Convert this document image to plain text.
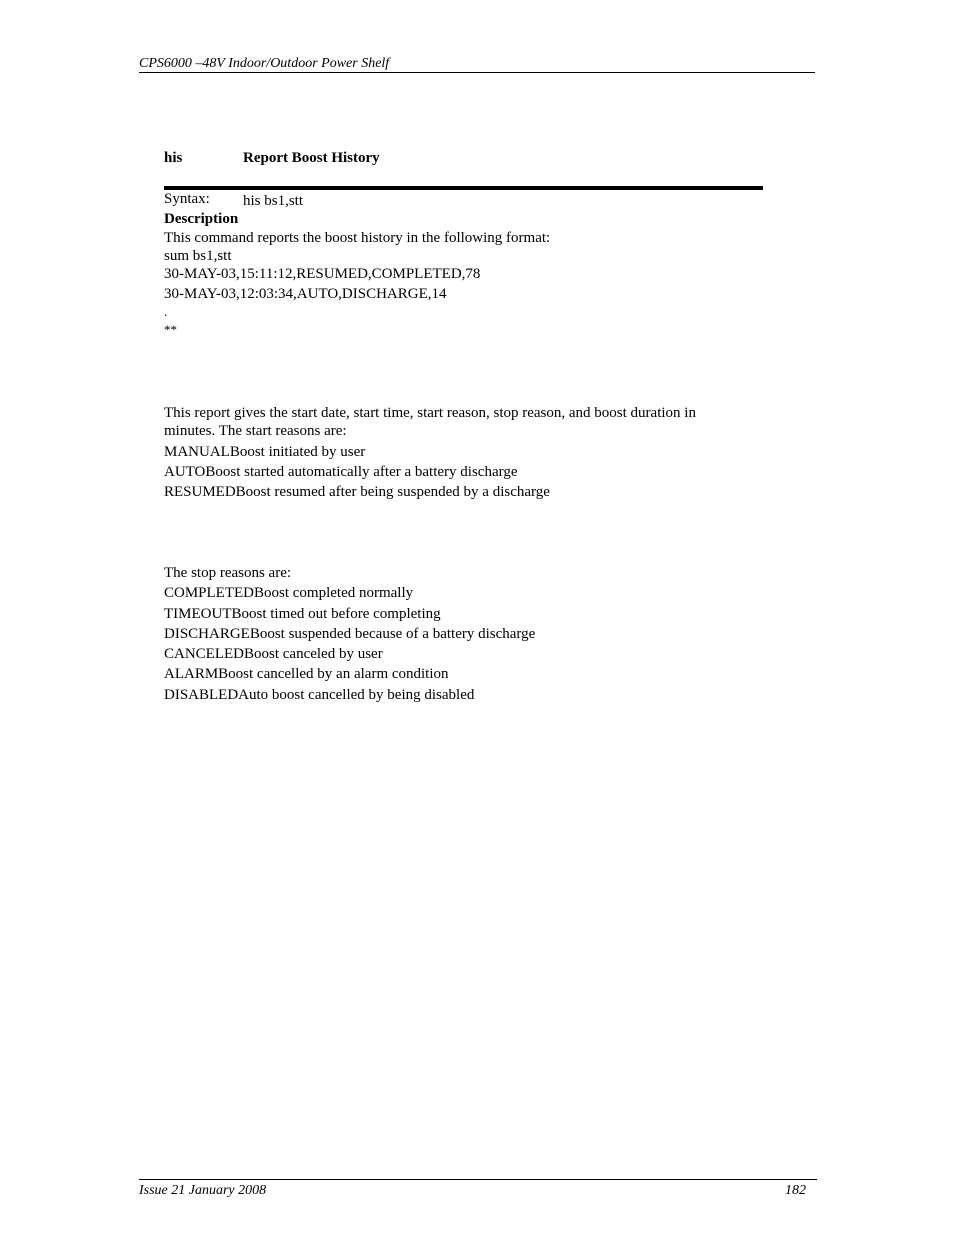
CPS6000 –48V Indoor/Outdoor Power Shelf
his	Report Boost History
Syntax: his bs1,stt
Description
This command reports the boost history in the following format:
sum bs1,stt
30-MAY-03,15:11:12,RESUMED,COMPLETED,78
30-MAY-03,12:03:34,AUTO,DISCHARGE,14
.
**
This report gives the start date, start time, start reason, stop reason, and boost duration in
minutes. The start reasons are:
MANUALBoost initiated by user
AUTOBoost started automatically after a battery discharge
RESUMEDBoost resumed after being suspended by a discharge
The stop reasons are:
COMPLETEDBoost completed normally
TIMEOUTBoost timed out before completing
DISCHARGEBoost suspended because of a battery discharge
CANCELEDBoost canceled by user
ALARMBoost cancelled by an alarm condition
DISABLEDAuto boost cancelled by being disabled
Issue 21 January 2008	182
